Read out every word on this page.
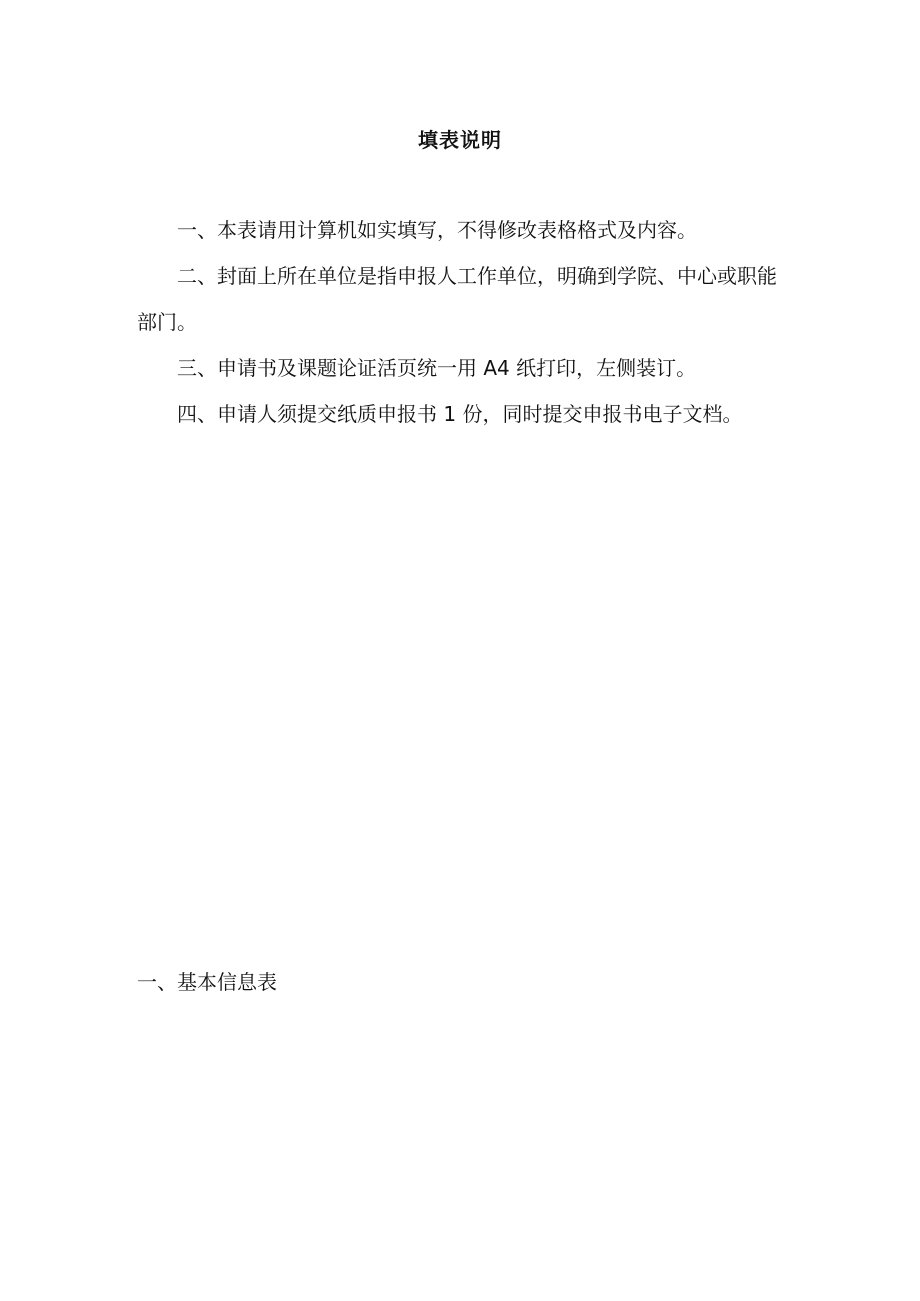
填表说明

一、本表请用计算机如实填写，不得修改表格格式及内容。

二、封面上所在单位是指申报人工作单位，明确到学院、中心或职能部门。

三、申请书及课题论证活页统一用 A4 纸打印，左侧装订。

四、申请人须提交纸质申报书 1 份，同时提交申报书电子文档。

一、基本信息表
